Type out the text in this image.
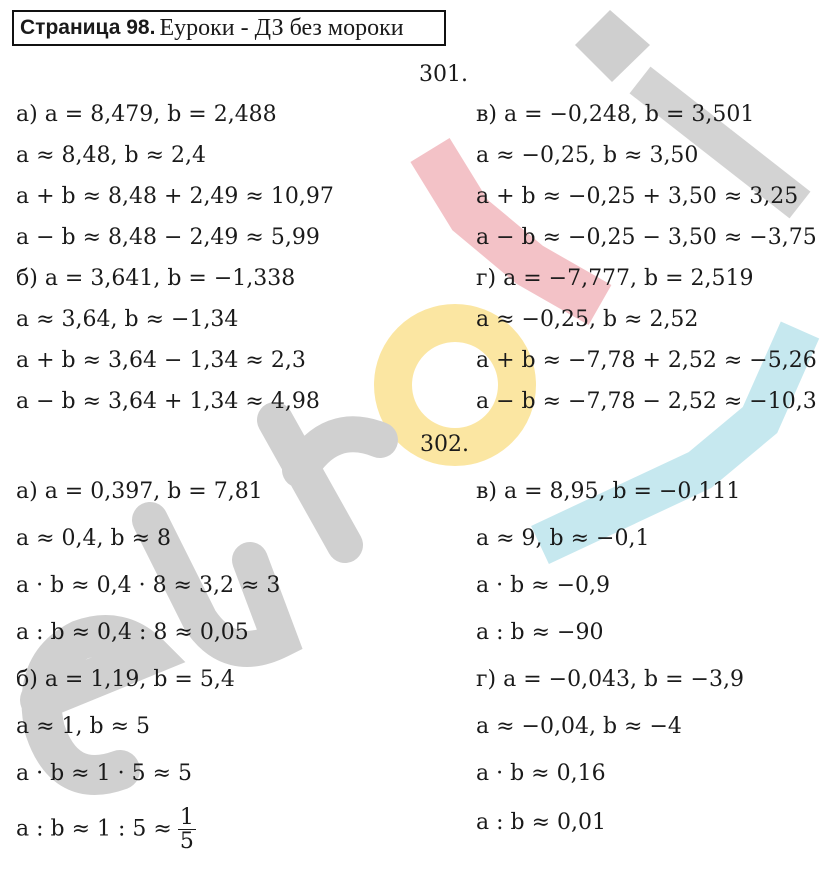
Страница 98. Еуроки - ДЗ без мороки
301.
а) a = 8,479, b = 2,488
a ≈ 8,48, b ≈ 2,4
a + b ≈ 8,48 + 2,49 ≈ 10,97
a − b ≈ 8,48 − 2,49 ≈ 5,99
б) a = 3,641, b = −1,338
a ≈ 3,64, b ≈ −1,34
a + b ≈ 3,64 − 1,34 ≈ 2,3
a − b ≈ 3,64 + 1,34 ≈ 4,98
в) a = −0,248, b = 3,501
a ≈ −0,25, b ≈ 3,50
a + b ≈ −0,25 + 3,50 ≈ 3,25
a − b ≈ −0,25 − 3,50 ≈ −3,75
г) a = −7,777, b = 2,519
a ≈ −0,25, b ≈ 2,52
a + b ≈ −7,78 + 2,52 ≈ −5,26
a − b ≈ −7,78 − 2,52 ≈ −10,3
302.
а) a = 0,397, b = 7,81
a ≈ 0,4, b ≈ 8
a · b ≈ 0,4 · 8 ≈ 3,2 ≈ 3
a : b ≈ 0,4 : 8 ≈ 0,05
б) a = 1,19, b = 5,4
a ≈ 1, b ≈ 5
a · b ≈ 1 · 5 ≈ 5
a : b ≈ 1 : $5 \approx \frac{1}{5}$
в) a = 8,95, b = −0,111
a ≈ 9, b ≈ −0,1
a · b ≈ −0,9
a : b ≈ −90
г) a = −0,043, b = −3,9
a ≈ −0,04, b ≈ −4
a · b ≈ 0,16
a : b ≈ 0,01
